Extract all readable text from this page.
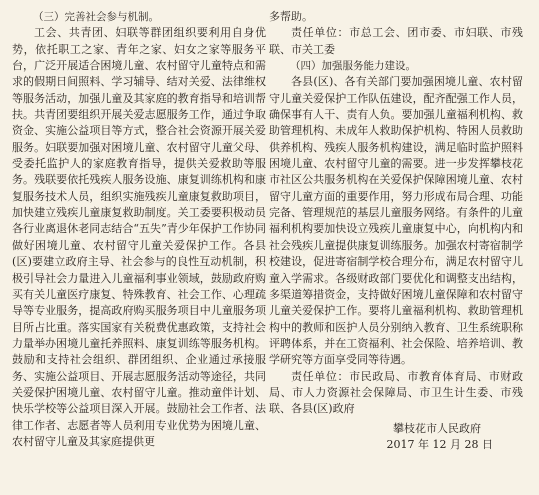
（三）完善社会参与机制。

工会、共青团、妇联等群团组织要利用自身优势，依托职工之家、青年之家、妇女之家等服务平台，广泛开展适合困境儿童、农村留守儿童特点和需求的假期日间照料、学习辅导、结对关爱、法律维权等服务活动，加强儿童及其家庭的教育指导和培训帮扶。共青团要组织开展关爱志愿服务工作，通过争取资金、实施公益项目等方式，整合社会资源开展关爱服务。妇联要加强对困境儿童、农村留守儿童父母、受委托监护人的家庭教育指导，提供关爱救助等服务。残联要依托残疾人服务设施、康复训练机构和康复服务技术人员，组织实施残疾儿童康复救助项目，加快建立残疾儿童康复救助制度。关工委要积极动员各行业离退休老同志结合“五失”青少年保护工作协同做好困境儿童、农村留守儿童关爱保护工作。各县(区)要建立政府主导、社会参与的良性互动机制，积极引导社会力量进入儿童福利事业领域，鼓励政府购买有关儿童医疗康复、特殊教育、社会工作、心理疏导等专业服务，提高政府购买服务项目中儿童服务项目所占比重。落实国家有关税费优惠政策，支持社会力量举办困境儿童托养照料、康复训练等服务机构。鼓励和支持社会组织、群团组织、企业通过承接服务、实施公益项目、开展志愿服务活动等途径，共同关爱保护困境儿童、农村留守儿童。推动童伴计划、快乐学校等公益项目深入开展。鼓励社会工作者、法律工作者、志愿者等人员利用专业优势为困境儿童、农村留守儿童及其家庭提供更

多帮助。

责任单位：市总工会、团市委、市妇联、市残联、市关工委

（四）加强服务能力建设。

各县(区)、各有关部门要加强困境儿童、农村留守儿童关爱保护工作队伍建设，配齐配强工作人员，确保事有人干、责有人负。要加强儿童福利机构、救助管理机构、未成年人救助保护机构、特困人员救助供养机构、残疾人服务机构建设，满足临时监护照料困境儿童、农村留守儿童的需要。进一步发挥攀枝花市社区公共服务机构在关爱保护保障困境儿童、农村留守儿童方面的重要作用，努力形成布局合理、功能完备、管理规范的基层儿童服务网络。有条件的儿童福利机构要加快设立残疾儿童康复中心，向机构内和社会残疾儿童提供康复训练服务。加强农村寄宿制学校建设，促进寄宿制学校合理分布，满足农村留守儿童入学需求。各级财政部门要优化和调整支出结构，多渠道筹措资金，支持做好困境儿童保障和农村留守儿童关爱保护工作。要将儿童福利机构、救助管理机构中的教师和医护人员分别纳入教育、卫生系统职称评聘体系，并在工资福利、社会保险、培养培训、教学研究等方面享受同等待遇。

责任单位：市民政局、市教育体育局、市财政局、市人力资源社会保障局、市卫生计生委、市残联、各县(区)政府

攀枝花市人民政府

2017 年 12 月 28 日
